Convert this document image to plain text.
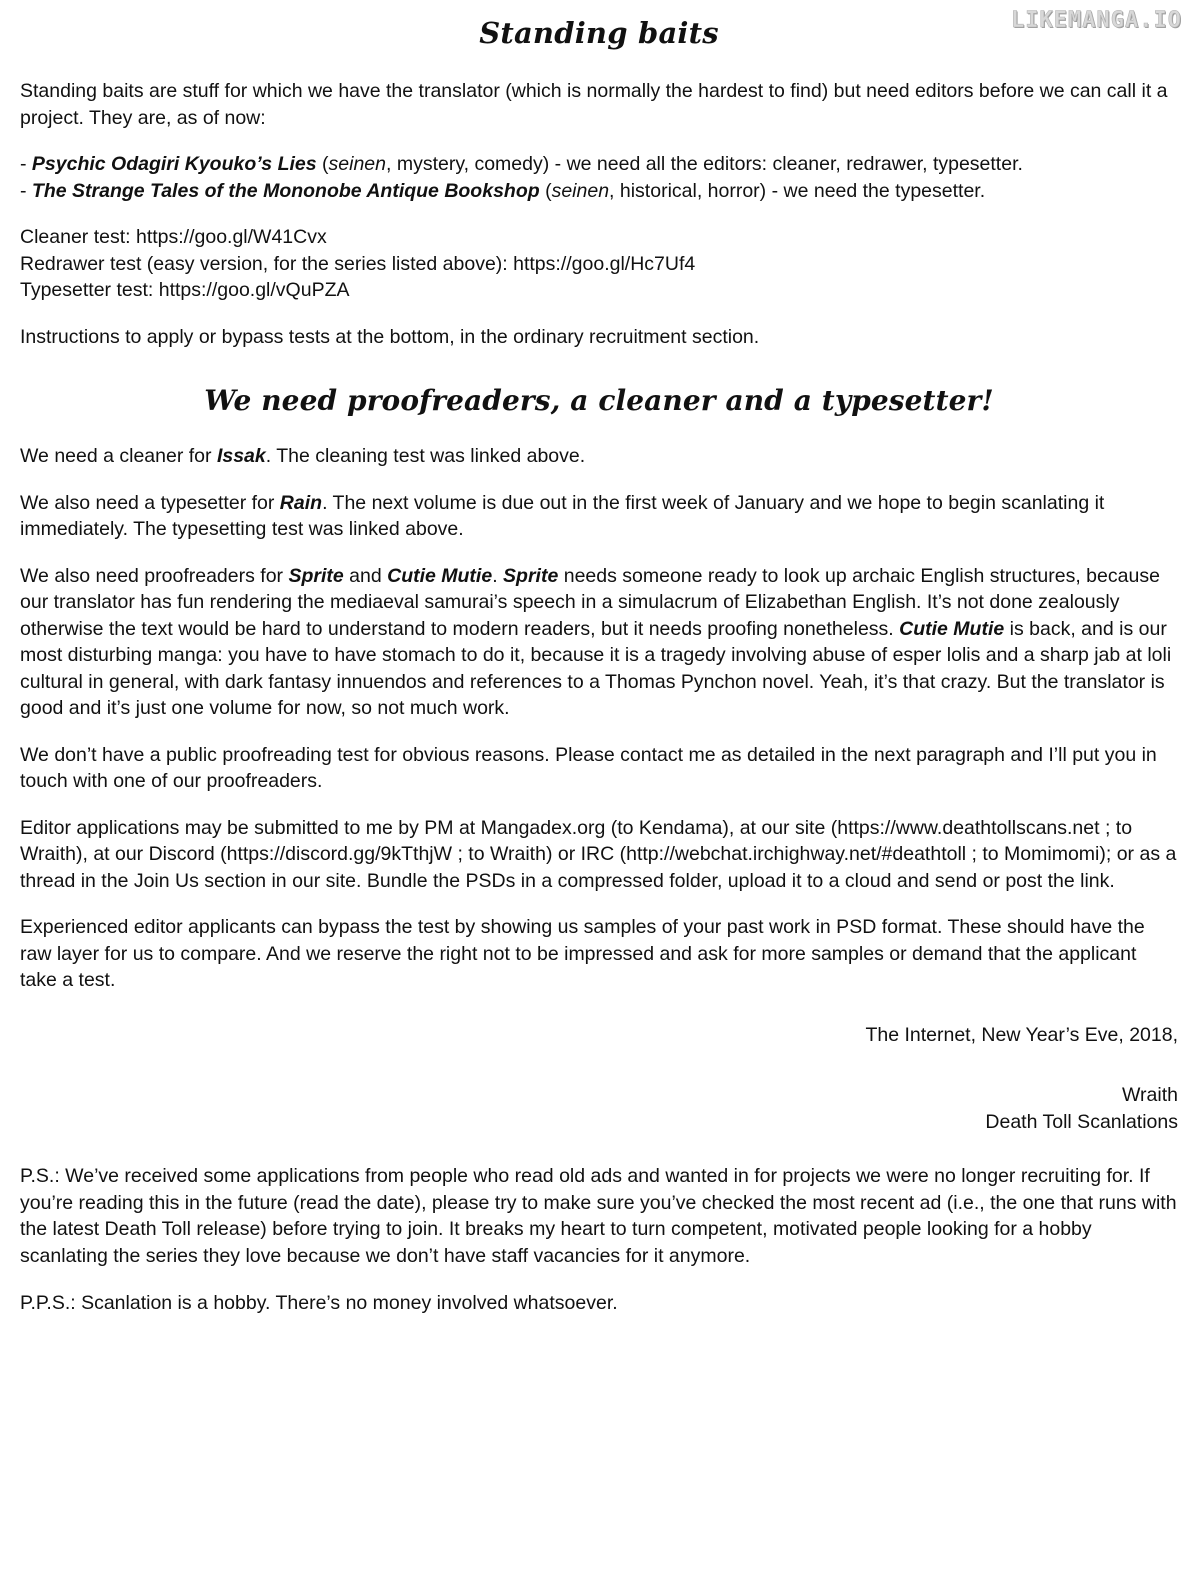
LIKEMANGA.IO
Standing baits

Standing baits are stuff for which we have the translator (which is normally the hardest to find) but need editors before we can call it a project. They are, as of now:

- Psychic Odagiri Kyouko’s Lies (seinen, mystery, comedy) - we need all the editors: cleaner, redrawer, typesetter.
- The Strange Tales of the Mononobe Antique Bookshop (seinen, historical, horror) - we need the typesetter.
Cleaner test: https://goo.gl/W41Cvx
Redrawer test (easy version, for the series listed above): https://goo.gl/Hc7Uf4
Typesetter test: https://goo.gl/vQuPZA

Instructions to apply or bypass tests at the bottom, in the ordinary recruitment section.

We need proofreaders, a cleaner and a typesetter!

We need a cleaner for Issak. The cleaning test was linked above.

We also need a typesetter for Rain. The next volume is due out in the first week of January and we hope to begin scanlating it immediately. The typesetting test was linked above.

We also need proofreaders for Sprite and Cutie Mutie. Sprite needs someone ready to look up archaic English structures, because our translator has fun rendering the mediaeval samurai’s speech in a simulacrum of Elizabethan English. It’s not done zealously otherwise the text would be hard to understand to modern readers, but it needs proofing nonetheless. Cutie Mutie is back, and is our most disturbing manga: you have to have stomach to do it, because it is a tragedy involving abuse of esper lolis and a sharp jab at loli cultural in general, with dark fantasy innuendos and references to a Thomas Pynchon novel. Yeah, it’s that crazy. But the translator is good and it’s just one volume for now, so not much work.

We don’t have a public proofreading test for obvious reasons. Please contact me as detailed in the next paragraph and I’ll put you in touch with one of our proofreaders.

Editor applications may be submitted to me by PM at Mangadex.org (to Kendama), at our site (https://www.deathtollscans.net ; to Wraith), at our Discord (https://discord.gg/9kTthjW ; to Wraith) or IRC (http://webchat.irchighway.net/#deathtoll ; to Momimomi); or as a thread in the Join Us section in our site. Bundle the PSDs in a compressed folder, upload it to a cloud and send or post the link.

Experienced editor applicants can bypass the test by showing us samples of your past work in PSD format. These should have the raw layer for us to compare. And we reserve the right not to be impressed and ask for more samples or demand that the applicant take a test.

The Internet, New Year’s Eve, 2018,
Wraith
Death Toll Scanlations

P.S.: We’ve received some applications from people who read old ads and wanted in for projects we were no longer recruiting for. If you’re reading this in the future (read the date), please try to make sure you’ve checked the most recent ad (i.e., the one that runs with the latest Death Toll release) before trying to join. It breaks my heart to turn competent, motivated people looking for a hobby scanlating the series they love because we don’t have staff vacancies for it anymore.

P.P.S.: Scanlation is a hobby. There’s no money involved whatsoever.
